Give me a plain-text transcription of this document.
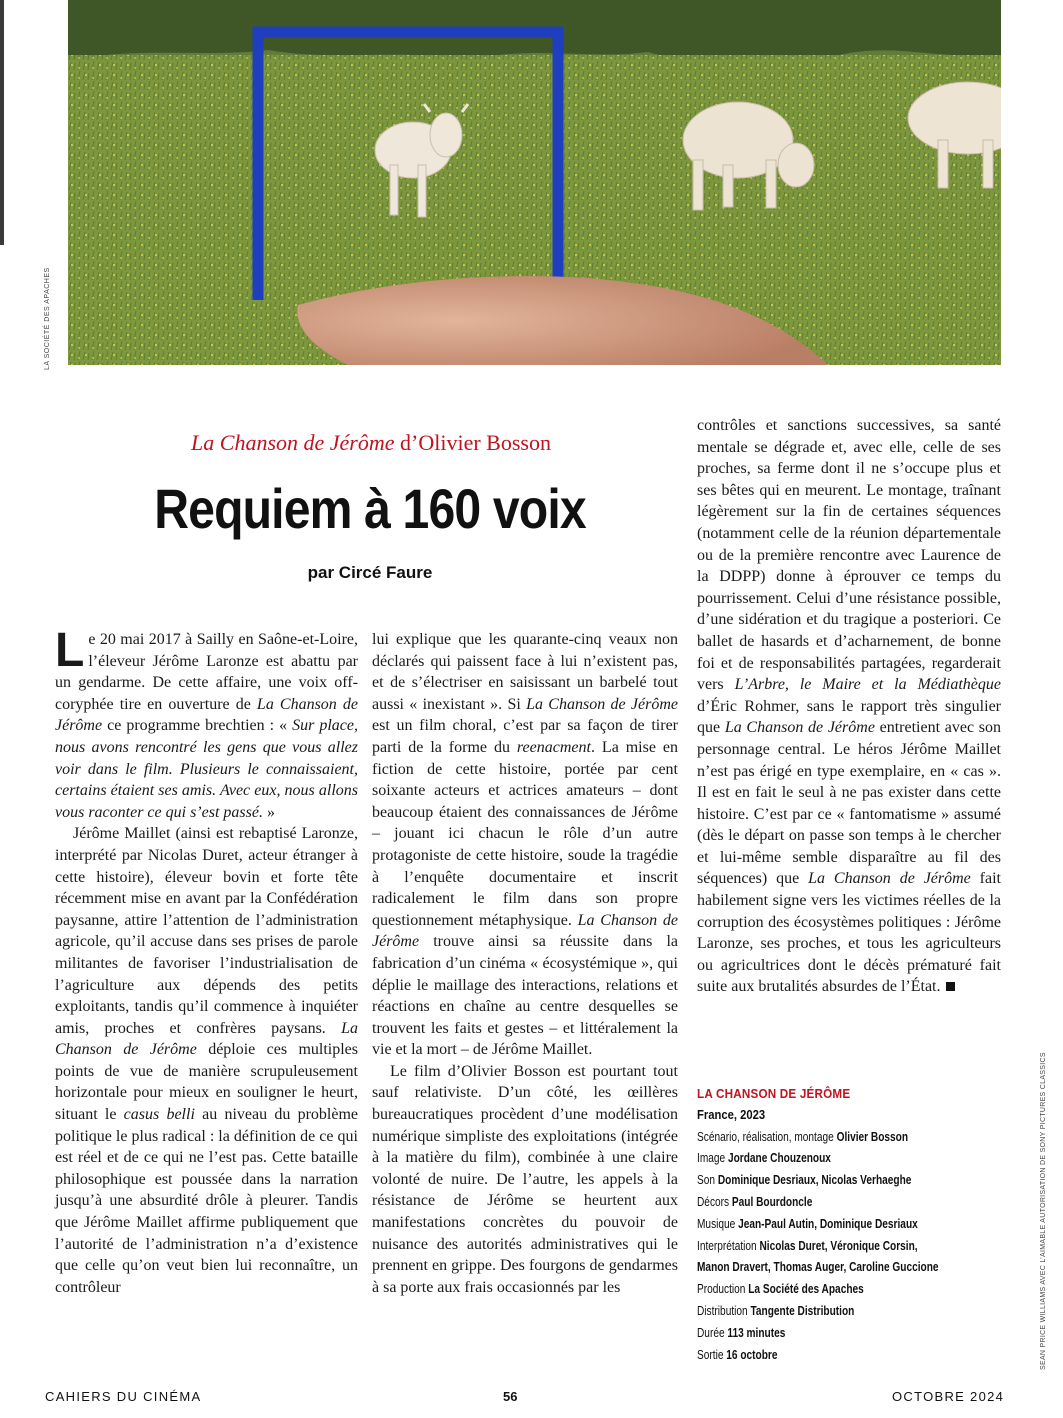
LA SOCIÉTÉ DES APACHES
La Chanson de Jérôme d’Olivier Bosson
Requiem à 160 voix
par Circé Faure
L e 20 mai 2017 à Sailly en Saône-et-Loire, l’éleveur Jérôme Laronze est abattu par un gendarme. De cette affaire, une voix off-coryphée tire en ouverture de La Chanson de Jérôme ce programme brechtien : « Sur place, nous avons rencontré les gens que vous allez voir dans le film. Plusieurs le connaissaient, certains étaient ses amis. Avec eux, nous allons vous raconter ce qui s’est passé. »

Jérôme Maillet (ainsi est rebaptisé Laronze, interprété par Nicolas Duret, acteur étranger à cette histoire), éleveur bovin et forte tête récemment mise en avant par la Confédération paysanne, attire l’attention de l’administration agricole, qu’il accuse dans ses prises de parole militantes de favoriser l’industrialisation de l’agriculture aux dépends des petits exploitants, tandis qu’il commence à inquiéter amis, proches et confrères paysans. La Chanson de Jérôme déploie ces multiples points de vue de manière scrupuleusement horizontale pour mieux en souligner le heurt, situant le casus belli au niveau du problème politique le plus radical : la définition de ce qui est réel et de ce qui ne l’est pas. Cette bataille philosophique est poussée dans la narration jusqu’à une absurdité drôle à pleurer. Tandis que Jérôme Maillet affirme publiquement que l’autorité de l’administration n’a d’existence que celle qu’on veut bien lui reconnaître, un contrôleur

lui explique que les quarante-cinq veaux non déclarés qui paissent face à lui n’existent pas, et de s’électriser en saisissant un barbelé tout aussi « inexistant ». Si La Chanson de Jérôme est un film choral, c’est par sa façon de tirer parti de la forme du reenacment. La mise en fiction de cette histoire, portée par cent soixante acteurs et actrices amateurs – dont beaucoup étaient des connaissances de Jérôme – jouant ici chacun le rôle d’un autre protagoniste de cette histoire, soude la tragédie à l’enquête documentaire et inscrit radicalement le film dans son propre questionnement métaphysique. La Chanson de Jérôme trouve ainsi sa réussite dans la fabrication d’un cinéma « écosystémique », qui déplie le maillage des interactions, relations et réactions en chaîne au centre desquelles se trouvent les faits et gestes – et littéralement la vie et la mort – de Jérôme Maillet.

Le film d’Olivier Bosson est pourtant tout sauf relativiste. D’un côté, les œillères bureaucratiques procèdent d’une modélisation numérique simpliste des exploitations (intégrée à la matière du film), combinée à une claire volonté de nuire. De l’autre, les appels à la résistance de Jérôme se heurtent aux manifestations concrètes du pouvoir de nuisance des autorités administratives qui le prennent en grippe. Des fourgons de gendarmes à sa porte aux frais occasionnés par les

contrôles et sanctions successives, sa santé mentale se dégrade et, avec elle, celle de ses proches, sa ferme dont il ne s’occupe plus et ses bêtes qui en meurent. Le montage, traînant légèrement sur la fin de certaines séquences (notamment celle de la réunion départementale ou de la première rencontre avec Laurence de la DDPP) donne à éprouver ce temps du pourrissement. Celui d’une résistance possible, d’une sidération et du tragique a posteriori. Ce ballet de hasards et d’acharnement, de bonne foi et de responsabilités partagées, regarderait vers L’Arbre, le Maire et la Médiathèque d’Éric Rohmer, sans le rapport très singulier que La Chanson de Jérôme entretient avec son personnage central. Le héros Jérôme Maillet n’est pas érigé en type exemplaire, en « cas ». Il est en fait le seul à ne pas exister dans cette histoire. C’est par ce « fantomatisme » assumé (dès le départ on passe son temps à le chercher et lui-même semble disparaître au fil des séquences) que La Chanson de Jérôme fait habilement signe vers les victimes réelles de la corruption des écosystèmes politiques : Jérôme Laronze, ses proches, et tous les agriculteurs ou agricultrices dont le décès prématuré fait suite aux brutalités absurdes de l’État.

LA CHANSON DE JÉRÔME
France, 2023
Scénario, réalisation, montage Olivier Bosson
Image Jordane Chouzenoux
Son Dominique Desriaux, Nicolas Verhaeghe
Décors Paul Bourdoncle
Musique Jean-Paul Autin, Dominique Desriaux
Interprétation Nicolas Duret, Véronique Corsin,
Manon Dravert, Thomas Auger, Caroline Guccione
Production La Société des Apaches
Distribution Tangente Distribution
Durée 113 minutes
Sortie 16 octobre	SEAN PRICE WILLIAMS AVEC L’AIMABLE AUTORISATION DE SONY PICTURES CLASSICS
CAHIERS DU CINÉMA	56	OCTOBRE 2024
